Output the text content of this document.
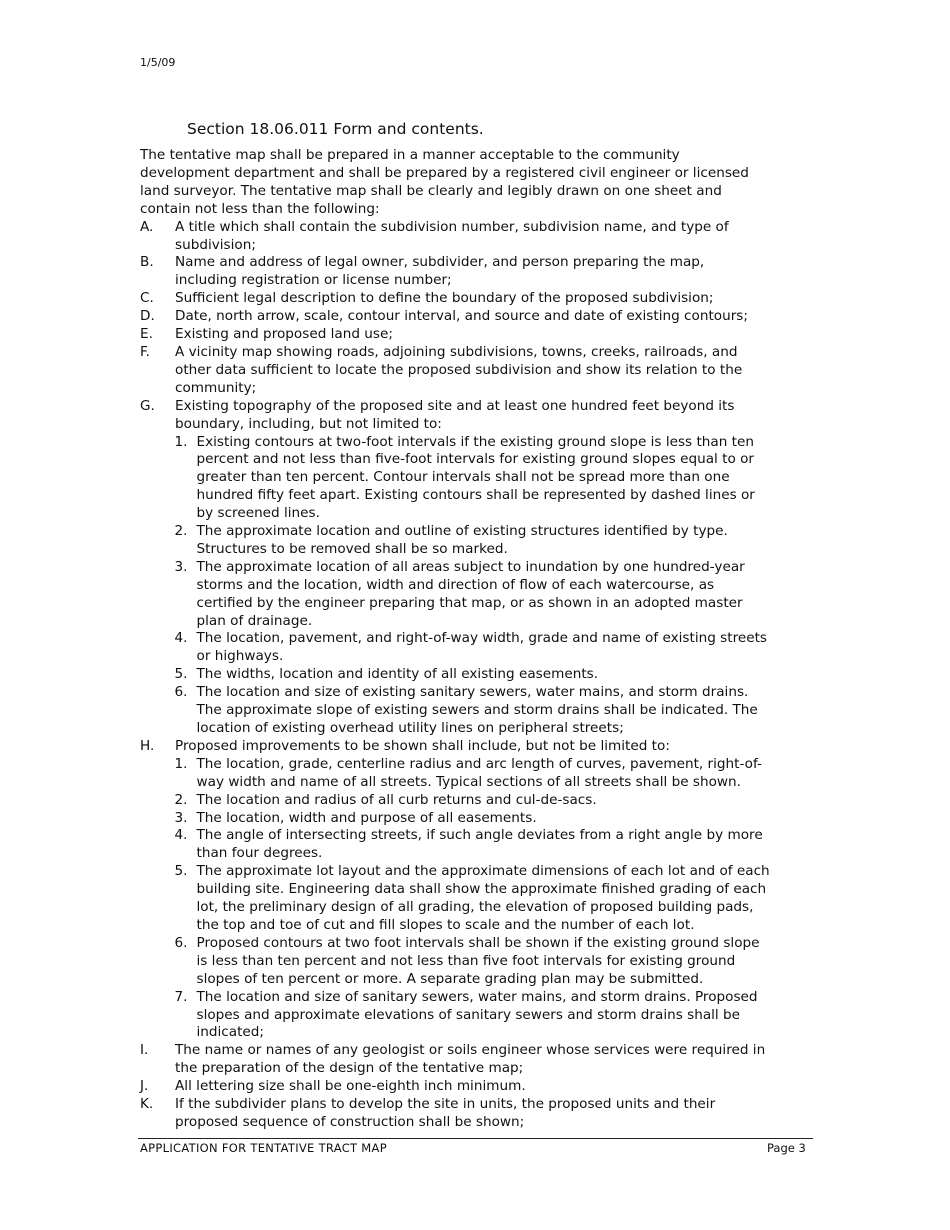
1/5/09
Section 18.06.011 Form and contents.

The tentative map shall be prepared in a manner acceptable to the community development department and shall be prepared by a registered civil engineer or licensed land surveyor. The tentative map shall be clearly and legibly drawn on one sheet and contain not less than the following:

A.	A title which shall contain the subdivision number, subdivision name, and type of subdivision;
B.	Name and address of legal owner, subdivider, and person preparing the map, including registration or license number;
C.	Sufficient legal description to define the boundary of the proposed subdivision;
D.	Date, north arrow, scale, contour interval, and source and date of existing contours;
E.	Existing and proposed land use;
F.	A vicinity map showing roads, adjoining subdivisions, towns, creeks, railroads, and other data sufficient to locate the proposed subdivision and show its relation to the community;
G.	Existing topography of the proposed site and at least one hundred feet beyond its boundary, including, but not limited to:
1. Existing contours at two-foot intervals if the existing ground slope is less than ten percent and not less than five-foot intervals for existing ground slopes equal to or greater than ten percent. Contour intervals shall not be spread more than one hundred fifty feet apart. Existing contours shall be represented by dashed lines or by screened lines.
2. The approximate location and outline of existing structures identified by type. Structures to be removed shall be so marked.
3. The approximate location of all areas subject to inundation by one hundred-year storms and the location, width and direction of flow of each watercourse, as certified by the engineer preparing that map, or as shown in an adopted master plan of drainage.
4. The location, pavement, and right-of-way width, grade and name of existing streets or highways.
5. The widths, location and identity of all existing easements.
6. The location and size of existing sanitary sewers, water mains, and storm drains. The approximate slope of existing sewers and storm drains shall be indicated. The location of existing overhead utility lines on peripheral streets;
H.	Proposed improvements to be shown shall include, but not be limited to:
1. The location, grade, centerline radius and arc length of curves, pavement, right-of-way width and name of all streets. Typical sections of all streets shall be shown.
2. The location and radius of all curb returns and cul-de-sacs.
3. The location, width and purpose of all easements.
4. The angle of intersecting streets, if such angle deviates from a right angle by more than four degrees.
5. The approximate lot layout and the approximate dimensions of each lot and of each building site. Engineering data shall show the approximate finished grading of each lot, the preliminary design of all grading, the elevation of proposed building pads, the top and toe of cut and fill slopes to scale and the number of each lot.
6. Proposed contours at two foot intervals shall be shown if the existing ground slope is less than ten percent and not less than five foot intervals for existing ground slopes of ten percent or more. A separate grading plan may be submitted.
7. The location and size of sanitary sewers, water mains, and storm drains. Proposed slopes and approximate elevations of sanitary sewers and storm drains shall be indicated;
I.	The name or names of any geologist or soils engineer whose services were required in the preparation of the design of the tentative map;
J.	All lettering size shall be one-eighth inch minimum.
K.	If the subdivider plans to develop the site in units, the proposed units and their proposed sequence of construction shall be shown;
APPLICATION FOR TENTATIVE TRACT MAP	Page 3
